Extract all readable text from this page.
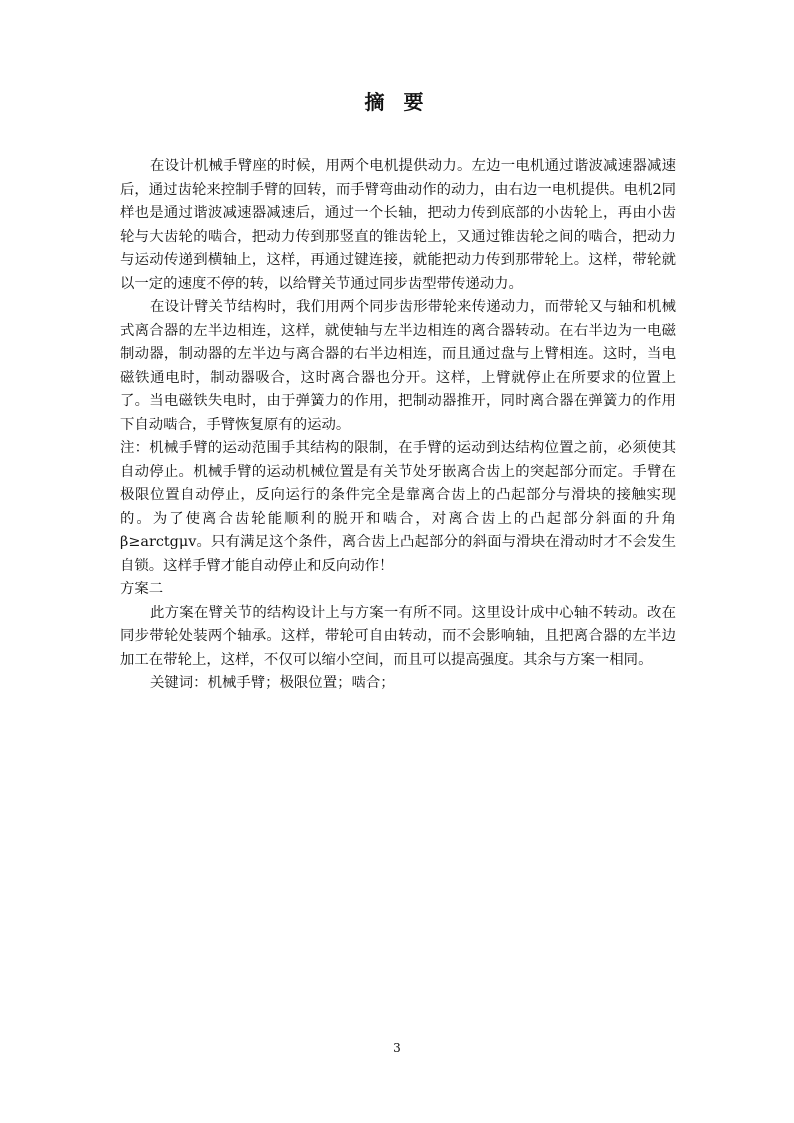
摘 要

在设计机械手臂座的时候，用两个电机提供动力。左边一电机通过谐波减速器减速后，通过齿轮来控制手臂的回转，而手臂弯曲动作的动力，由右边一电机提供。电机2同样也是通过谐波减速器减速后，通过一个长轴，把动力传到底部的小齿轮上，再由小齿轮与大齿轮的啮合，把动力传到那竖直的锥齿轮上，又通过锥齿轮之间的啮合，把动力与运动传递到横轴上，这样，再通过键连接，就能把动力传到那带轮上。这样，带轮就以一定的速度不停的转，以给臂关节通过同步齿型带传递动力。

在设计臂关节结构时，我们用两个同步齿形带轮来传递动力，而带轮又与轴和机械式离合器的左半边相连，这样，就使轴与左半边相连的离合器转动。在右半边为一电磁制动器，制动器的左半边与离合器的右半边相连，而且通过盘与上臂相连。这时，当电磁铁通电时，制动器吸合，这时离合器也分开。这样，上臂就停止在所要求的位置上了。当电磁铁失电时，由于弹簧力的作用，把制动器推开，同时离合器在弹簧力的作用下自动啮合，手臂恢复原有的运动。

注：机械手臂的运动范围手其结构的限制，在手臂的运动到达结构位置之前，必须使其自动停止。机械手臂的运动机械位置是有关节处牙嵌离合齿上的突起部分而定。手臂在极限位置自动停止，反向运行的条件完全是靠离合齿上的凸起部分与滑块的接触实现的。为了使离合齿轮能顺利的脱开和啮合，对离合齿上的凸起部分斜面的升角β≥arctgμv。只有满足这个条件，离合齿上凸起部分的斜面与滑块在滑动时才不会发生自锁。这样手臂才能自动停止和反向动作！

方案二

此方案在臂关节的结构设计上与方案一有所不同。这里设计成中心轴不转动。改在同步带轮处装两个轴承。这样，带轮可自由转动，而不会影响轴，且把离合器的左半边加工在带轮上，这样，不仅可以缩小空间，而且可以提高强度。其余与方案一相同。

关键词：机械手臂；极限位置；啮合；

3
